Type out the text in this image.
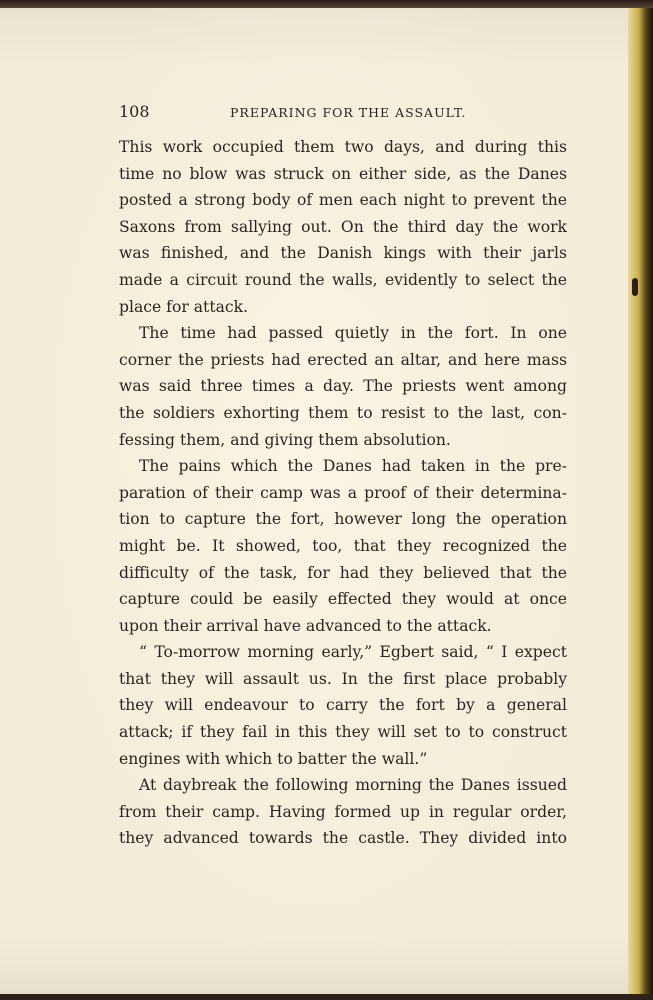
108	PREPARING FOR THE ASSAULT.
This work occupied them two days, and during this
time no blow was struck on either side, as the Danes
posted a strong body of men each night to prevent the
Saxons from sallying out. On the third day the work
was finished, and the Danish kings with their jarls
made a circuit round the walls, evidently to select the
place for attack.
The time had passed quietly in the fort. In one
corner the priests had erected an altar, and here mass
was said three times a day. The priests went among
the soldiers exhorting them to resist to the last, con-
fessing them, and giving them absolution.
The pains which the Danes had taken in the pre-
paration of their camp was a proof of their determina-
tion to capture the fort, however long the operation
might be. It showed, too, that they recognized the
difficulty of the task, for had they believed that the
capture could be easily effected they would at once
upon their arrival have advanced to the attack.
“ To-morrow morning early,” Egbert said, “ I expect
that they will assault us. In the first place probably
they will endeavour to carry the fort by a general
attack; if they fail in this they will set to to construct
engines with which to batter the wall.”
At daybreak the following morning the Danes issued
from their camp. Having formed up in regular order,
they advanced towards the castle. They divided into
